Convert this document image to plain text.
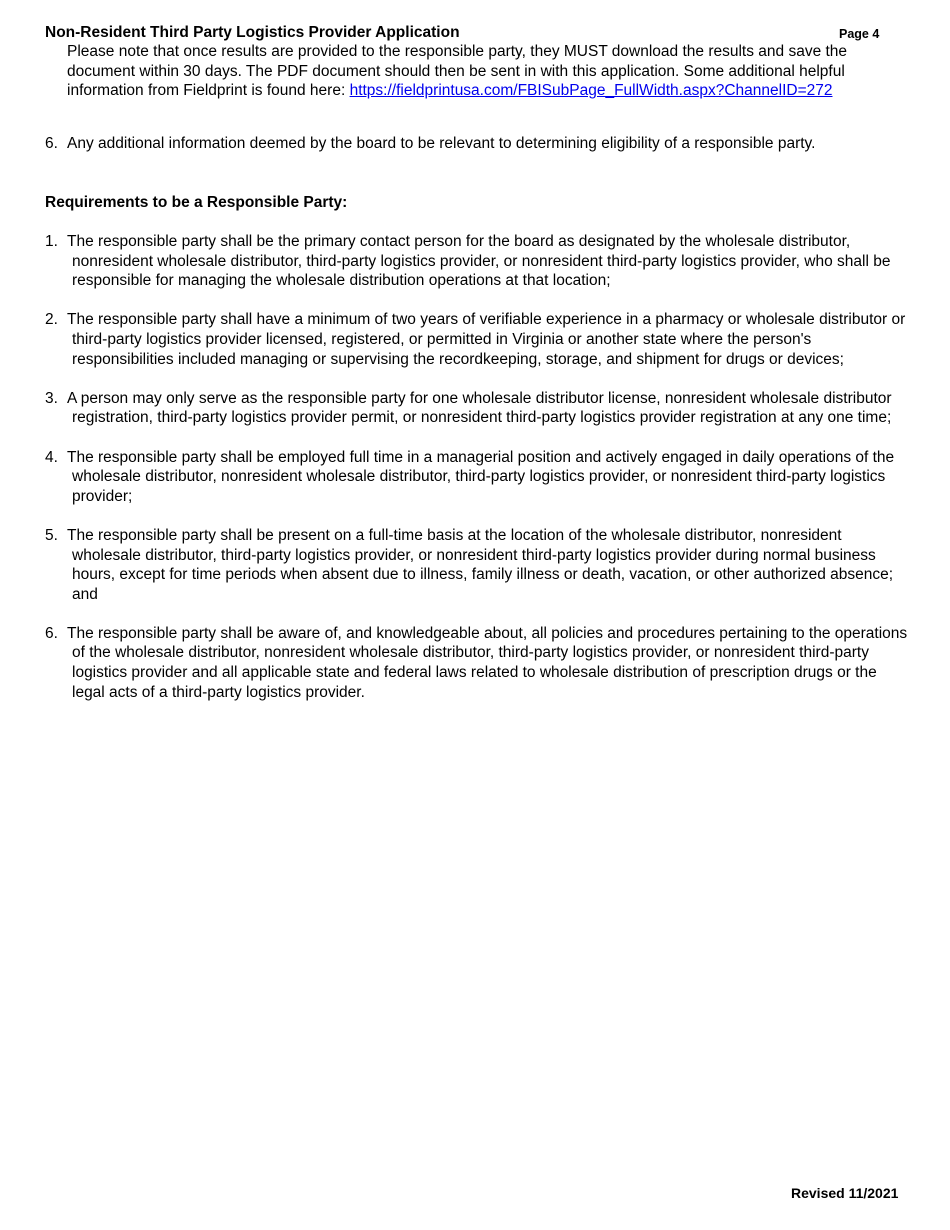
Non-Resident Third Party Logistics Provider Application	Page 4

Please note that once results are provided to the responsible party, they MUST download the results and save the document within 30 days. The PDF document should then be sent in with this application. Some additional helpful information from Fieldprint is found here: https://fieldprintusa.com/FBISubPage_FullWidth.aspx?ChannelID=272

6. Any additional information deemed by the board to be relevant to determining eligibility of a responsible party.
Requirements to be a Responsible Party:
1. The responsible party shall be the primary contact person for the board as designated by the wholesale distributor, nonresident wholesale distributor, third-party logistics provider, or nonresident third-party logistics provider, who shall be responsible for managing the wholesale distribution operations at that location;
2. The responsible party shall have a minimum of two years of verifiable experience in a pharmacy or wholesale distributor or third-party logistics provider licensed, registered, or permitted in Virginia or another state where the person's responsibilities included managing or supervising the recordkeeping, storage, and shipment for drugs or devices;
3. A person may only serve as the responsible party for one wholesale distributor license, nonresident wholesale distributor registration, third-party logistics provider permit, or nonresident third-party logistics provider registration at any one time;
4. The responsible party shall be employed full time in a managerial position and actively engaged in daily operations of the wholesale distributor, nonresident wholesale distributor, third-party logistics provider, or nonresident third-party logistics provider;
5. The responsible party shall be present on a full-time basis at the location of the wholesale distributor, nonresident wholesale distributor, third-party logistics provider, or nonresident third-party logistics provider during normal business hours, except for time periods when absent due to illness, family illness or death, vacation, or other authorized absence; and
6. The responsible party shall be aware of, and knowledgeable about, all policies and procedures pertaining to the operations of the wholesale distributor, nonresident wholesale distributor, third-party logistics provider, or nonresident third-party logistics provider and all applicable state and federal laws related to wholesale distribution of prescription drugs or the legal acts of a third-party logistics provider.
Revised 11/2021
